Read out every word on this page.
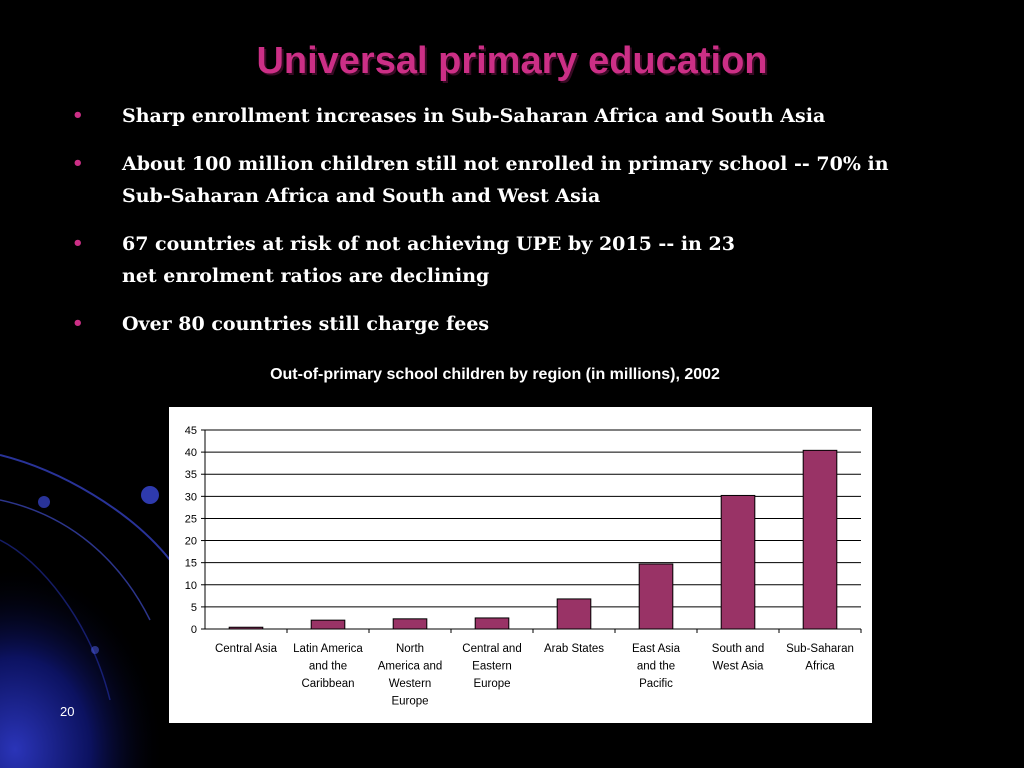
Universal primary education
• Sharp enrollment increases in Sub-Saharan Africa and South Asia
• About 100 million children still not enrolled in primary school -- 70% in
Sub-Saharan Africa and South and West Asia
• 67 countries at risk of not achieving UPE by 2015 -- in 23
net enrolment ratios are declining
• Over 80 countries still charge fees
Out-of-primary school children by region (in millions), 2002
0
5
10
15
20
25
30
35
40
45
Central Asia Latin America and the Caribbean
North America and Western Europe
Central and Eastern Europe
Arab States East Asia and the Pacific
South and West Asia
Sub-Saharan Africa
20
